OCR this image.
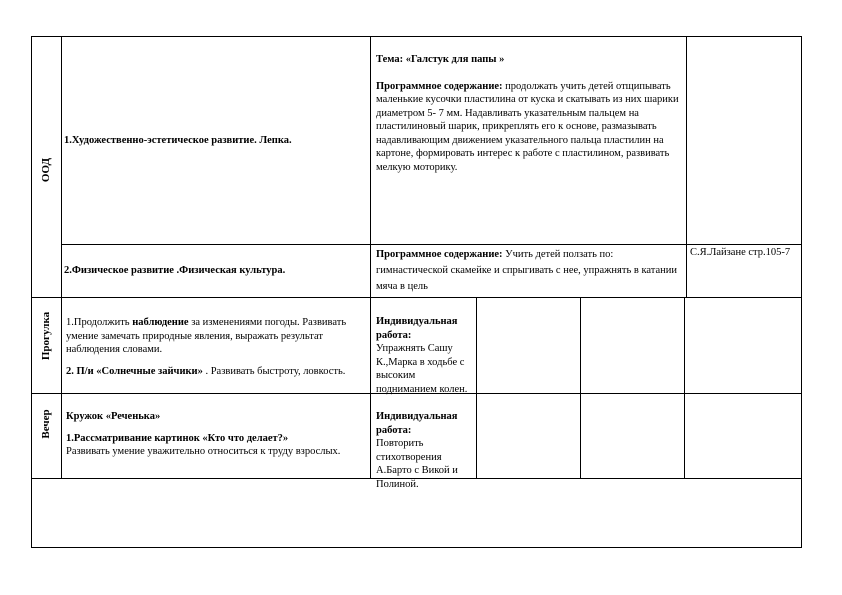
ООД
1.Художественно-эстетическое развитие. Лепка.

Тема: «Галстук для папы »

Программное содержание: продолжать учить детей отщипывать маленькие кусочки пластилина от куска и скатывать из них шарики диаметром 5- 7 мм. Надавливать указательным пальцем на пластилиновый шарик, прикреплять его к основе, размазывать надавливающим движением указательного пальца пластилин на картоне, формировать интерес к работе с пластилином, развивать мелкую моторику.

2.Физическое развитие .Физическая культура.
Программное содержание: Учить детей ползать по: гимнастической скамейке и спрыгивать с нее, упражнять в катании мяча в цель
С.Я.Лайзане стр.105-7
Прогулка 1.Продолжить наблюдение за изменениями погоды. Развивать умение замечать природные явления, выражать результат наблюдения словами.

2. П/и «Солнечные зайчики» . Развивать быстроту, ловкость.

Индивидуальная работа:

Упражнять Сашу К.,Марка в ходьбе с высоким подниманием колен.

Вечер Кружок «Реченька»

1.Рассматривание картинок «Кто что делает?»

Развивать умение уважительно относиться к труду взрослых.

Индивидуальная работа:

Повторить стихотворения А.Барто с Викой и Полиной.
